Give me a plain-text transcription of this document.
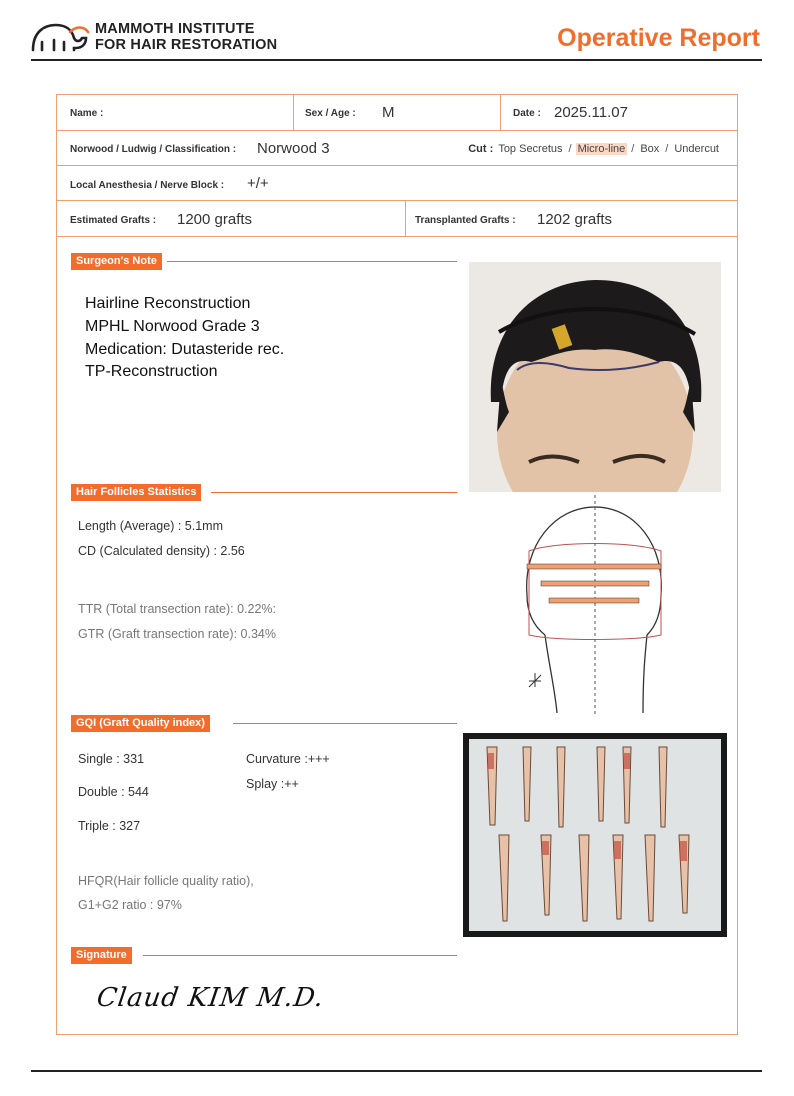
MAMMOTH INSTITUTE
FOR HAIR RESTORATION	Operative Report
Name :	Sex / Age : M	Date : 2025.11.07
Norwood / Ludwig / Classification : Norwood 3	Cut : Top Secretus / Micro-line / Box / Undercut
Local Anesthesia / Nerve Block : +/+
Estimated Grafts : 1200 grafts	Transplanted Grafts : 1202 grafts
Surgeon's Note
Hairline Reconstruction
MPHL Norwood Grade 3
Medication: Dutasteride rec.
TP-Reconstruction
Hair Follicles Statistics
Length (Average) : 5.1mm
CD (Calculated density) : 2.56
TTR (Total transection rate): 0.22%:
GTR (Graft transection rate): 0.34%
GQI (Graft Quality index)
Single : 331
Double : 544
Triple : 327
Curvature :+++
Splay :++
HFQR(Hair follicle quality ratio),
G1+G2 ratio : 97%
Signature
Claud KIM M.D.
